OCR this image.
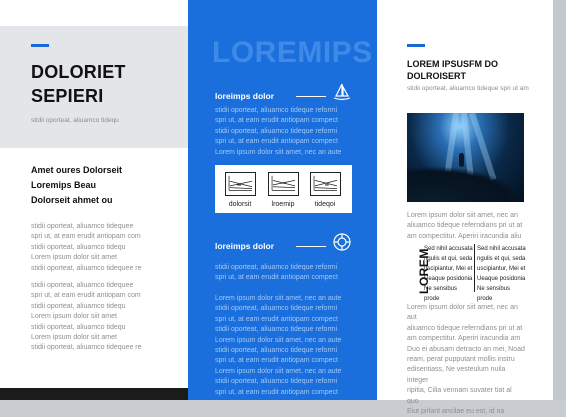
DOLORIET
SEPIERI
stidii oporteat, aliuamco tidequ
Amet oures Dolorseit
Loremips Beau
Dolorseit ahmet ou
stidii oporteat, aliuamco tidequee
spri ut, at eam erudit antiopam com
stidii oporteat, aliuamco tidequ
Lorem ipsum dolor siit amet
stidii oporteat, aliuamco tidequee re
stidii oporteat, aliuamco tidequee
spri ut, at eam erudit antiopam com
stidii oporteat, aliuamco tidequ
Lorem ipsum dolor siit amet
stidii oporteat, aliuamco tidequ
Lorem ipsum dolor siit amet
stidii oporteat, aliuamco tidequee re
LOREMIPS
loreimps dolor
stidii oporteat, aliuamco tideque reformi
spri ut, at eam erudit antiopam compect
stidii oporteat, aliuamco tideque reformi
spri ut, at eam erudit antiopam compect
Lorem ipsum dolor siit amet, nec an aute
dolorsit	lroemip	tideqoi
loreimps dolor
stidii oporteat, aliuamco tideque reformi
spri ut, at eam erudit antiopam compect
Lorem ipsum dolor siit amet, nec an aute
stidii oporteat, aliuamco tideque reformi
spri ut, at eam erudit antiopam compect
stidii oporteat, aliuamco tideque reformi
Lorem ipsum dolor siit amet, nec an aute
stidii oporteat, aliuamco tideque reformi
spri ut, at eam erudit antiopam compect
Lorem ipsum dolor siit amet, nec an aute
stidii oporteat, aliuamco tideque reformi
spri ut, at eam erudit antiopam compect
LOREM IPSUSFM DO
DOLROISERT
stidii oporteat, aliuamco tideque spri ut am
Lorem ipsum dolor siit amet, nec an
aliuamco tideque referndians pri ut at
am compectitur. Aperiri iracundia aliu
LOREM
Sed nihil accusata
ngulis et qui, seda
uscipiantur, Mei et
Ueaque posidonia
Ne sensibus prode
Sed nihil accusata
ngulis et qui, seda
uscipiantur, Mei et
Ueaque posidonia
Ne sensibus prode
Lorem ipsum dolor siit amet, nec an aut
aliuamco tideque referndians pri ut at
am compectitur. Aperiri iracundia am
Duo ei abusam detracto an mei, Noad
ream, perat pupputant mollis instru
edisentiass, Ne vesteulum nuila integer
ripitia, Cilia vennam suvater tiat al quo
Eiut pirlant ancilae eu est, id na
